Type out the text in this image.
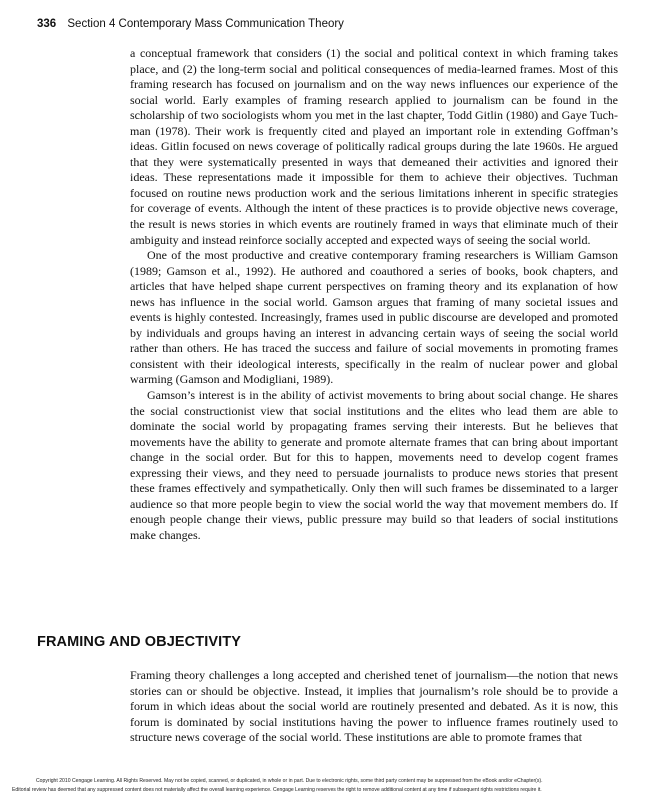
336 Section 4 Contemporary Mass Communication Theory

a conceptual framework that considers (1) the social and political context in which framing takes place, and (2) the long-term social and political consequences of media-learned frames. Most of this framing research has focused on journalism and on the way news influences our experience of the social world. Early examples of framing research applied to journalism can be found in the scholarship of two sociologists whom you met in the last chapter, Todd Gitlin (1980) and Gaye Tuchman (1978). Their work is frequently cited and played an important role in extending Goffman’s ideas. Gitlin focused on news coverage of politically radical groups during the late 1960s. He argued that they were systematically presented in ways that demeaned their activities and ignored their ideas. These representations made it impossible for them to achieve their objectives. Tuchman focused on routine news production work and the serious limitations inherent in specific strategies for coverage of events. Although the intent of these practices is to provide objective news coverage, the result is news stories in which events are routinely framed in ways that eliminate much of their ambiguity and instead reinforce socially accepted and expected ways of seeing the social world.

One of the most productive and creative contemporary framing researchers is William Gamson (1989; Gamson et al., 1992). He authored and coauthored a series of books, book chapters, and articles that have helped shape current perspectives on framing theory and its explanation of how news has influence in the social world. Gamson argues that framing of many societal issues and events is highly contested. Increasingly, frames used in public discourse are developed and promoted by individuals and groups having an interest in advancing certain ways of seeing the social world rather than others. He has traced the success and failure of social movements in promoting frames consistent with their ideological interests, specifically in the realm of nuclear power and global warming (Gamson and Modigliani, 1989).

Gamson’s interest is in the ability of activist movements to bring about social change. He shares the social constructionist view that social institutions and the elites who lead them are able to dominate the social world by propagating frames serving their interests. But he believes that movements have the ability to generate and promote alternate frames that can bring about important change in the social order. But for this to happen, movements need to develop cogent frames expressing their views, and they need to persuade journalists to produce news stories that present these frames effectively and sympathetically. Only then will such frames be disseminated to a larger audience so that more people begin to view the social world the way that movement members do. If enough people change their views, public pressure may build so that leaders of social institutions make changes.

FRAMING AND OBJECTIVITY

Framing theory challenges a long accepted and cherished tenet of journalism—the notion that news stories can or should be objective. Instead, it implies that journalism’s role should be to provide a forum in which ideas about the social world are routinely presented and debated. As it is now, this forum is dominated by social institutions having the power to influence frames routinely used to structure news coverage of the social world. These institutions are able to promote frames that

Copyright 2010 Cengage Learning. All Rights Reserved. May not be copied, scanned, or duplicated, in whole or in part. Due to electronic rights, some third party content may be suppressed from the eBook and/or eChapter(s).
Editorial review has deemed that any suppressed content does not materially affect the overall learning experience. Cengage Learning reserves the right to remove additional content at any time if subsequent rights restrictions require it.
